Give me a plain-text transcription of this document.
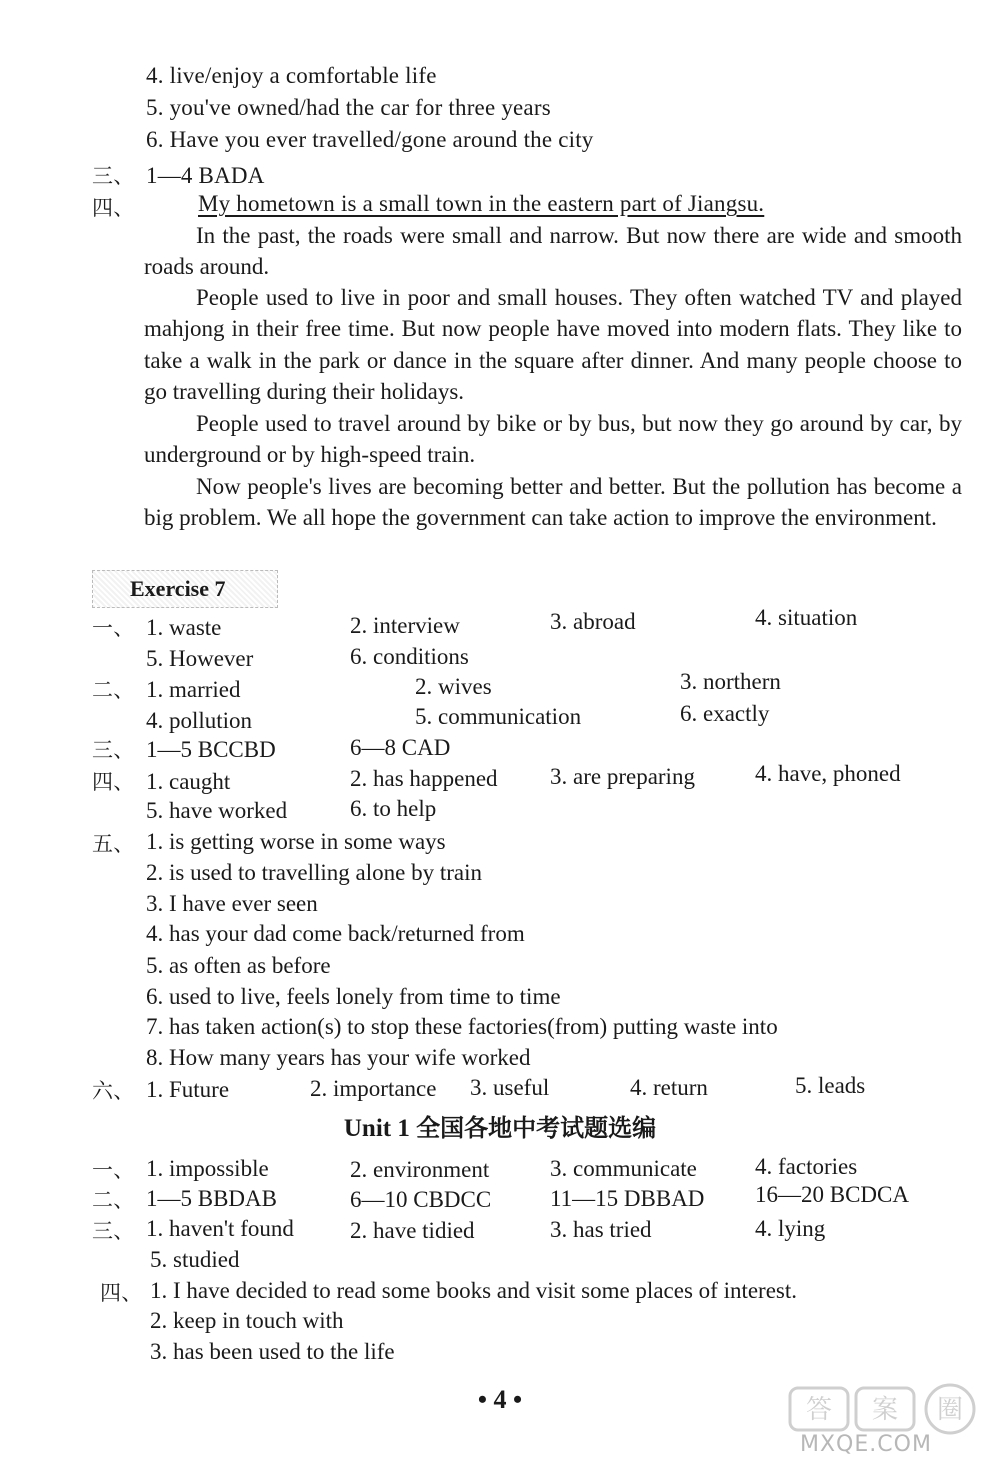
4. live/enjoy a comfortable life
5. you've owned/had the car for three years
6. Have you ever travelled/gone around the city
三、 1—4 BADA
四、	My hometown is a small town in the eastern part of Jiangsu.
In the past, the roads were small and narrow. But now there are wide and smooth roads around.
People used to live in poor and small houses. They often watched TV and played mahjong in their free time. But now people have moved into modern flats. They like to take a walk in the park or dance in the square after dinner. And many people choose to go travelling during their holidays.
People used to travel around by bike or by bus, but now they go around by car, by underground or by high-speed train.
Now people's lives are becoming better and better. But the pollution has become a big problem. We all hope the government can take action to improve the environment.
Exercise 7
一、 1. waste	2. interview	3. abroad	4. situation
5. However	6. conditions
二、 1. married	2. wives	3. northern
4. pollution	5. communication	6. exactly
三、 1—5 BCCBD	6—8 CAD
四、 1. caught	2. has happened 3. are preparing	4. have, phoned
5. have worked	6. to help
五、 1. is getting worse in some ways
2. is used to travelling alone by train
3. I have ever seen
4. has your dad come back/returned from
5. as often as before
6. used to live, feels lonely from time to time
7. has taken action(s) to stop these factories(from) putting waste into
8. How many years has your wife worked
六、 1. Future	2. importance 3. useful	4. return	5. leads
Unit 1 全国各地中考试题选编
一、 1. impossible	2. environment	3. communicate	4. factories
二、 1—5 BBDAB	6—10 CBDCC	11—15 DBBAD 16—20 BCDCA
三、 1. haven't found 2. have tidied	3. has tried	4. lying
5. studied
四、 1. I have decided to read some books and visit some places of interest.
2. keep in touch with
3. has been used to the life
• 4 •	答 案 圈
MXQE.COM
